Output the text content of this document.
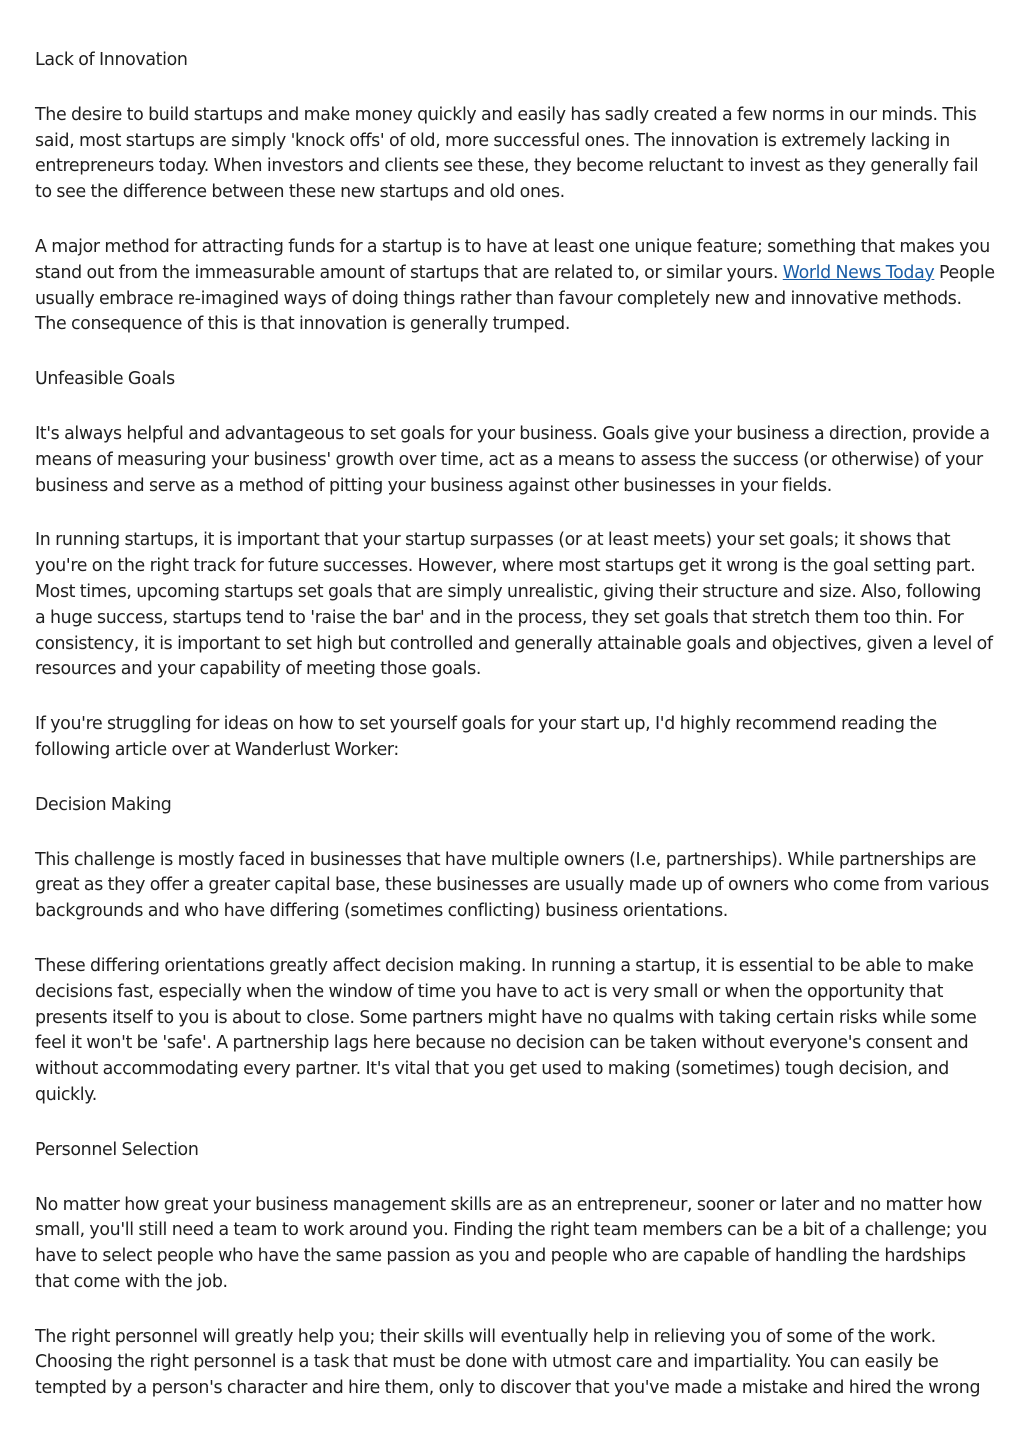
Lack of Innovation
The desire to build startups and make money quickly and easily has sadly created a few norms in our minds. This said, most startups are simply 'knock offs' of old, more successful ones. The innovation is extremely lacking in entrepreneurs today. When investors and clients see these, they become reluctant to invest as they generally fail to see the difference between these new startups and old ones.
A major method for attracting funds for a startup is to have at least one unique feature; something that makes you stand out from the immeasurable amount of startups that are related to, or similar yours. World News Today People usually embrace re-imagined ways of doing things rather than favour completely new and innovative methods. The consequence of this is that innovation is generally trumped.
Unfeasible Goals
It's always helpful and advantageous to set goals for your business. Goals give your business a direction, provide a means of measuring your business' growth over time, act as a means to assess the success (or otherwise) of your business and serve as a method of pitting your business against other businesses in your fields.
In running startups, it is important that your startup surpasses (or at least meets) your set goals; it shows that you're on the right track for future successes. However, where most startups get it wrong is the goal setting part. Most times, upcoming startups set goals that are simply unrealistic, giving their structure and size. Also, following a huge success, startups tend to 'raise the bar' and in the process, they set goals that stretch them too thin. For consistency, it is important to set high but controlled and generally attainable goals and objectives, given a level of resources and your capability of meeting those goals.
If you're struggling for ideas on how to set yourself goals for your start up, I'd highly recommend reading the following article over at Wanderlust Worker:
Decision Making
This challenge is mostly faced in businesses that have multiple owners (I.e, partnerships). While partnerships are great as they offer a greater capital base, these businesses are usually made up of owners who come from various backgrounds and who have differing (sometimes conflicting) business orientations.
These differing orientations greatly affect decision making. In running a startup, it is essential to be able to make decisions fast, especially when the window of time you have to act is very small or when the opportunity that presents itself to you is about to close. Some partners might have no qualms with taking certain risks while some feel it won't be 'safe'. A partnership lags here because no decision can be taken without everyone's consent and without accommodating every partner. It's vital that you get used to making (sometimes) tough decision, and quickly.
Personnel Selection
No matter how great your business management skills are as an entrepreneur, sooner or later and no matter how small, you'll still need a team to work around you. Finding the right team members can be a bit of a challenge; you have to select people who have the same passion as you and people who are capable of handling the hardships that come with the job.
The right personnel will greatly help you; their skills will eventually help in relieving you of some of the work. Choosing the right personnel is a task that must be done with utmost care and impartiality. You can easily be tempted by a person's character and hire them, only to discover that you've made a mistake and hired the wrong
